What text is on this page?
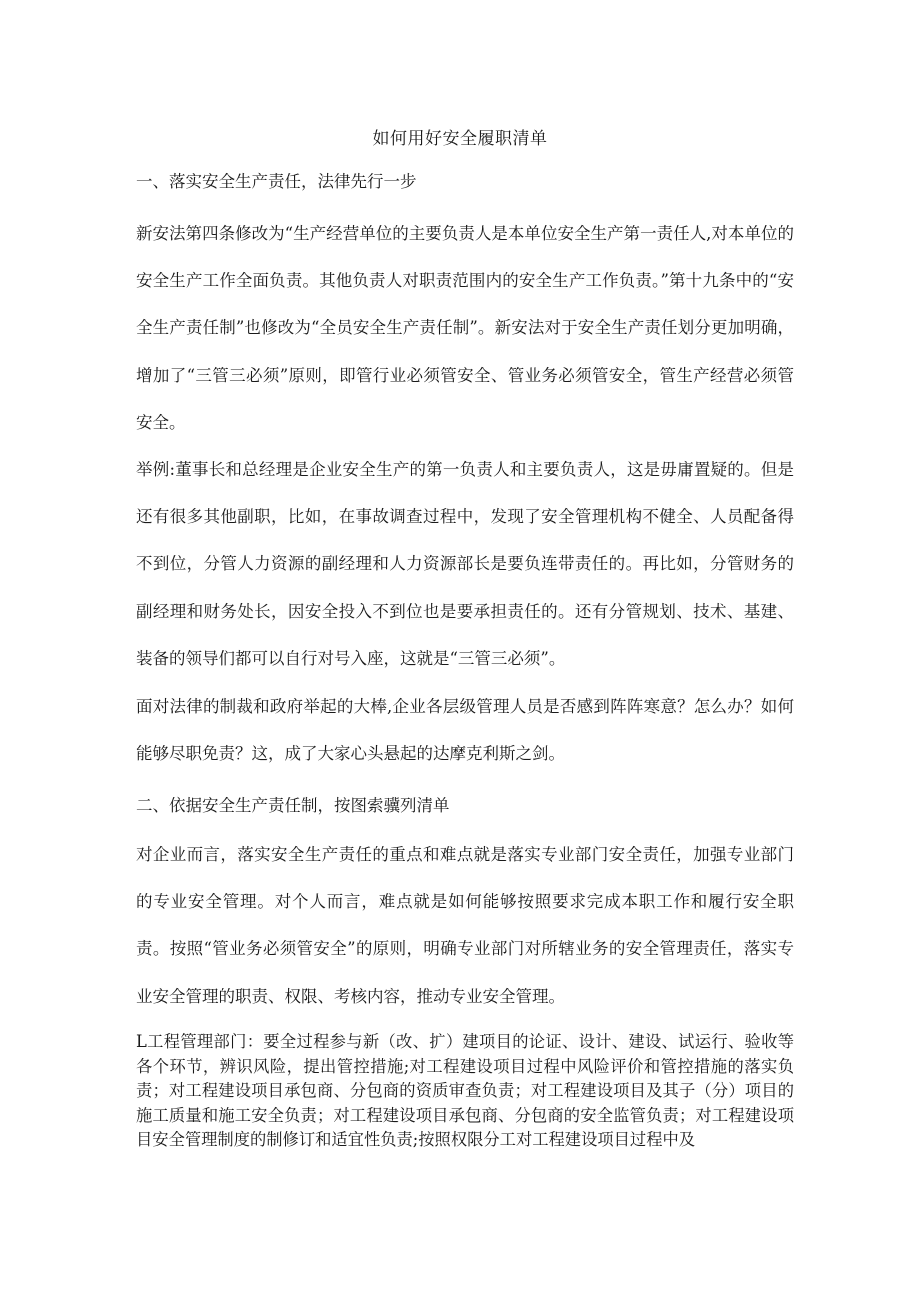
如何用好安全履职清单

一、落实安全生产责任，法律先行一步

新安法第四条修改为“生产经营单位的主要负责人是本单位安全生产第一责任人,对本单位的安全生产工作全面负责。其他负责人对职责范围内的安全生产工作负责。”第十九条中的“安全生产责任制”也修改为“全员安全生产责任制”。新安法对于安全生产责任划分更加明确，增加了“三管三必须”原则，即管行业必须管安全、管业务必须管安全，管生产经营必须管安全。

举例:董事长和总经理是企业安全生产的第一负责人和主要负责人，这是毋庸置疑的。但是还有很多其他副职，比如，在事故调查过程中，发现了安全管理机构不健全、人员配备得不到位，分管人力资源的副经理和人力资源部长是要负连带责任的。再比如，分管财务的副经理和财务处长，因安全投入不到位也是要承担责任的。还有分管规划、技术、基建、装备的领导们都可以自行对号入座，这就是“三管三必须”。

面对法律的制裁和政府举起的大棒,企业各层级管理人员是否感到阵阵寒意？怎么办？如何能够尽职免责？这，成了大家心头悬起的达摩克利斯之剑。

二、依据安全生产责任制，按图索骥列清单

对企业而言，落实安全生产责任的重点和难点就是落实专业部门安全责任，加强专业部门的专业安全管理。对个人而言，难点就是如何能够按照要求完成本职工作和履行安全职责。按照“管业务必须管安全”的原则，明确专业部门对所辖业务的安全管理责任，落实专业安全管理的职责、权限、考核内容，推动专业安全管理。

L工程管理部门：要全过程参与新（改、扩）建项目的论证、设计、建设、试运行、验收等各个环节，辨识风险，提出管控措施;对工程建设项目过程中风险评价和管控措施的落实负责；对工程建设项目承包商、分包商的资质审查负责；对工程建设项目及其子（分）项目的施工质量和施工安全负责；对工程建设项目承包商、分包商的安全监管负责；对工程建设项目安全管理制度的制修订和适宜性负责;按照权限分工对工程建设项目过程中及
